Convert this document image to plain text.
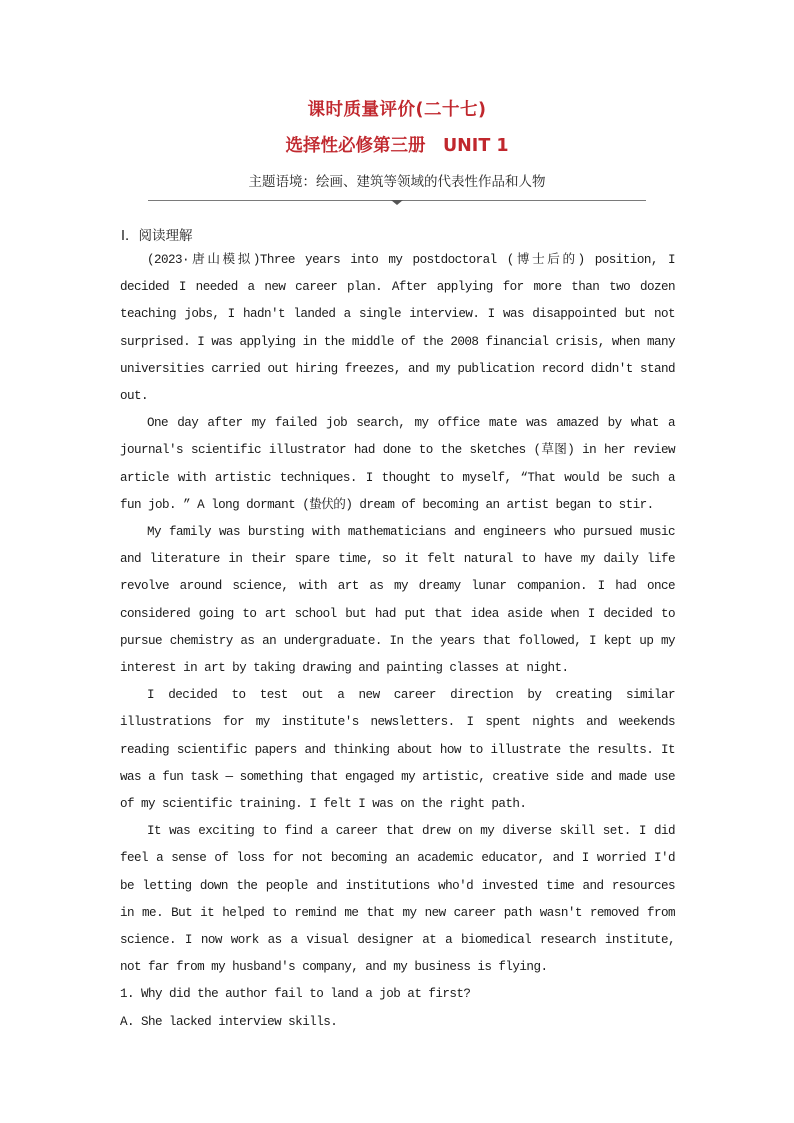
课时质量评价(二十七)
选择性必修第三册　UNIT 1
主题语境：绘画、建筑等领域的代表性作品和人物
Ⅰ．阅读理解

(2023·唐山模拟)Three years into my postdoctoral (博士后的) position, I decided I needed a new career plan. After applying for more than two dozen teaching jobs, I hadn't landed a single interview. I was disappointed but not surprised. I was applying in the middle of the 2008 financial crisis, when many universities carried out hiring freezes, and my publication record didn't stand out.

One day after my failed job search, my office mate was amazed by what a journal's scientific illustrator had done to the sketches (草图) in her review article with artistic techniques. I thought to myself, “That would be such a fun job. ” A long dormant (蛰伏的) dream of becoming an artist began to stir.

My family was bursting with mathematicians and engineers who pursued music and literature in their spare time, so it felt natural to have my daily life revolve around science, with art as my dreamy lunar companion. I had once considered going to art school but had put that idea aside when I decided to pursue chemistry as an undergraduate. In the years that followed, I kept up my interest in art by taking drawing and painting classes at night.

I decided to test out a new career direction by creating similar illustrations for my institute's newsletters. I spent nights and weekends reading scientific papers and thinking about how to illustrate the results. It was a fun task — something that engaged my artistic, creative side and made use of my scientific training. I felt I was on the right path.

It was exciting to find a career that drew on my diverse skill set. I did feel a sense of loss for not becoming an academic educator, and I worried I'd be letting down the people and institutions who'd invested time and resources in me. But it helped to remind me that my new career path wasn't removed from science. I now work as a visual designer at a biomedical research institute, not far from my husband's company, and my business is flying.

1. Why did the author fail to land a job at first?

A. She lacked interview skills.
